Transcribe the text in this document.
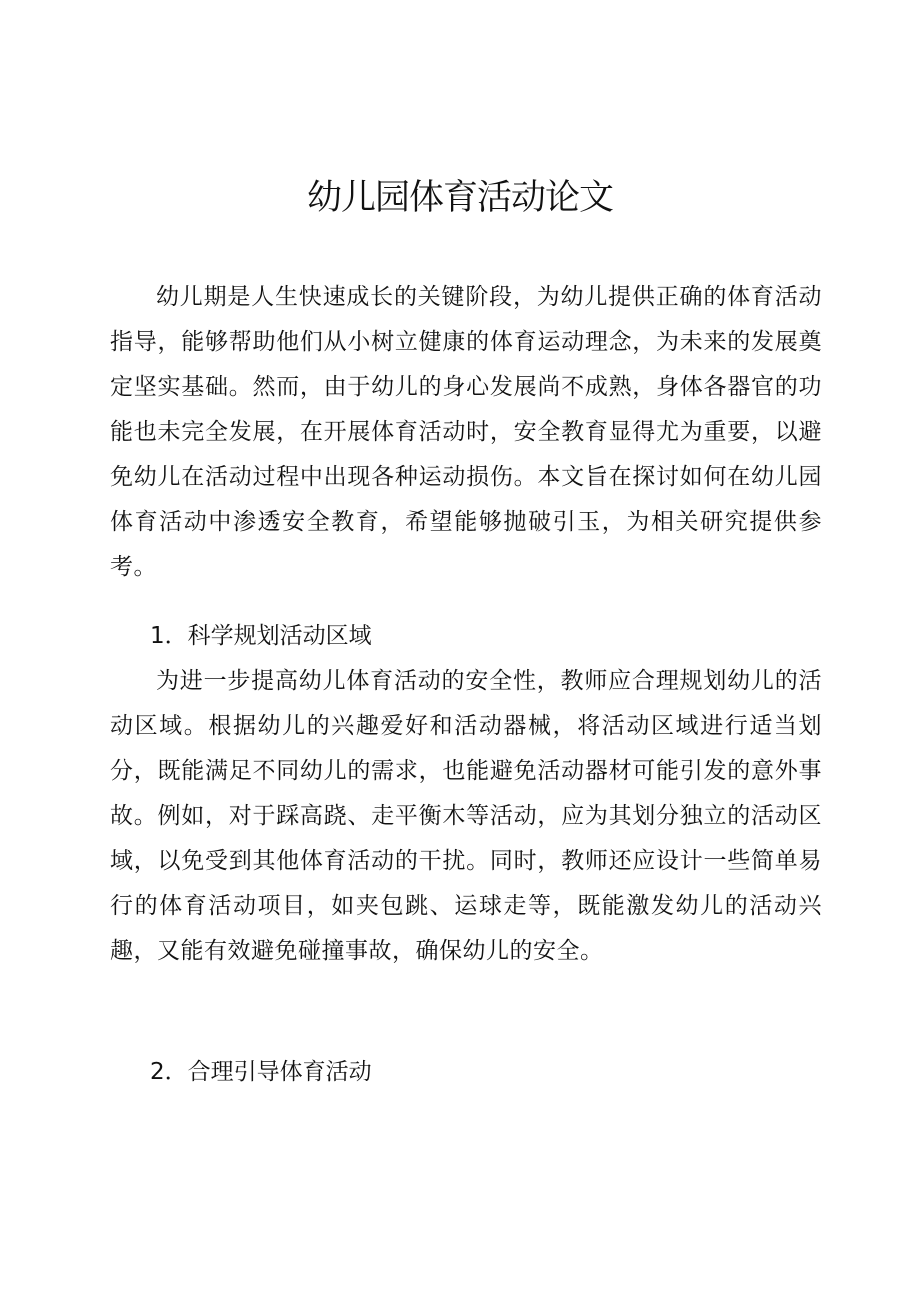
幼儿园体育活动论文

幼儿期是人生快速成长的关键阶段，为幼儿提供正确的体育活动指导，能够帮助他们从小树立健康的体育运动理念，为未来的发展奠定坚实基础。然而，由于幼儿的身心发展尚不成熟，身体各器官的功能也未完全发展，在开展体育活动时，安全教育显得尤为重要，以避免幼儿在活动过程中出现各种运动损伤。本文旨在探讨如何在幼儿园体育活动中渗透安全教育，希望能够抛破引玉，为相关研究提供参考。

1．科学规划活动区域

为进一步提高幼儿体育活动的安全性，教师应合理规划幼儿的活动区域。根据幼儿的兴趣爱好和活动器械，将活动区域进行适当划分，既能满足不同幼儿的需求，也能避免活动器材可能引发的意外事故。例如，对于踩高跷、走平衡木等活动，应为其划分独立的活动区域，以免受到其他体育活动的干扰。同时，教师还应设计一些简单易行的体育活动项目，如夹包跳、运球走等，既能激发幼儿的活动兴趣，又能有效避免碰撞事故，确保幼儿的安全。

2．合理引导体育活动
